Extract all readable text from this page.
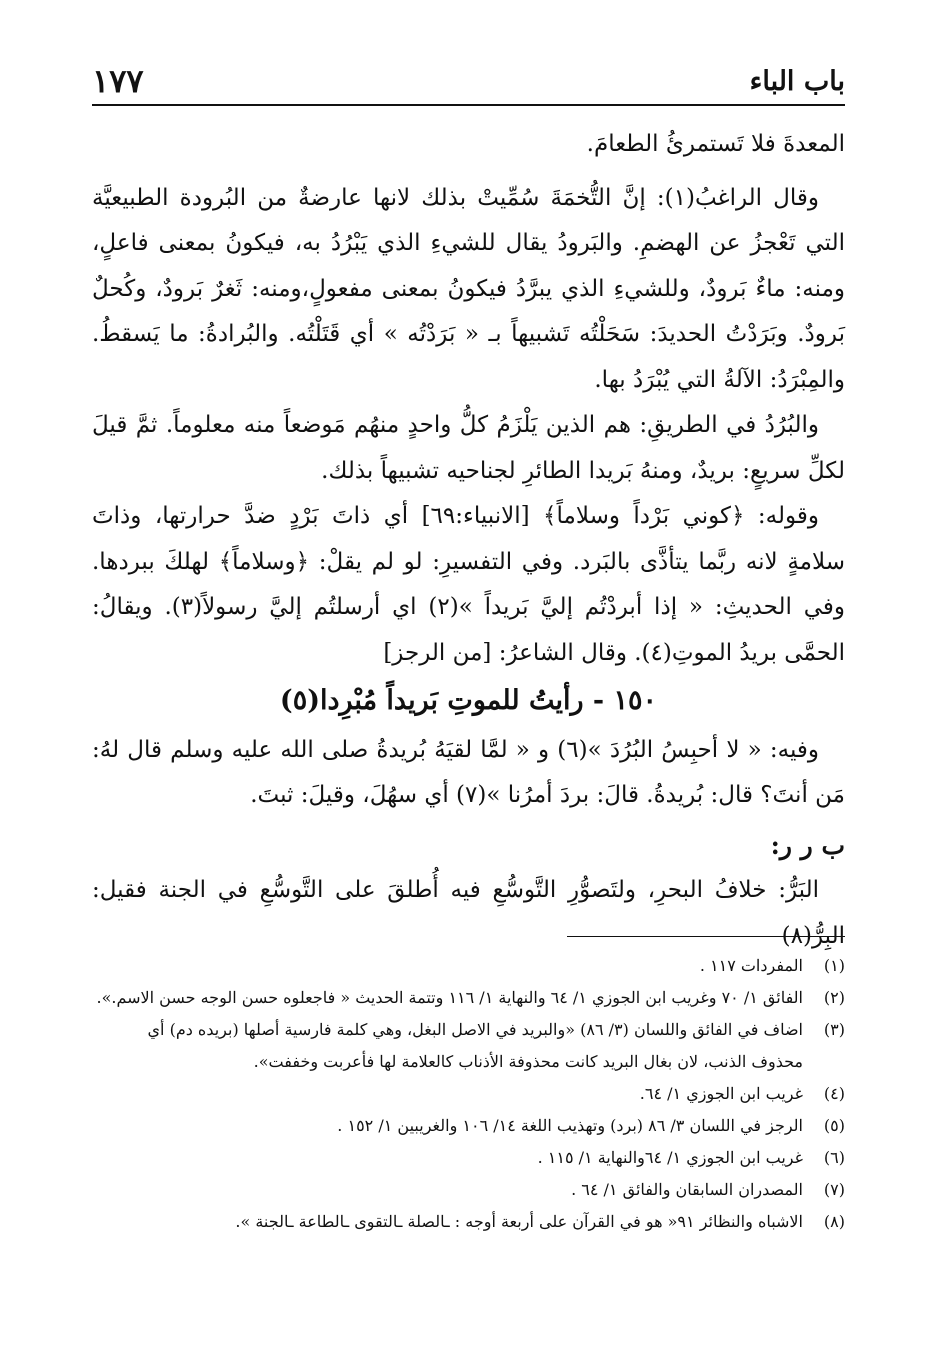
باب الباء
١٧٧

المعدةَ فلا تَستمرئُ الطعامَ.

وقال الراغبُ(١): إنَّ التُّخمَةَ سُمِّيتْ بذلك لانها عارضةٌ من البُرودة الطبيعيَّة التي تَعْجزُ عن الهضمِ. والبَرودُ يقال للشيءِ الذي يَبْرُدُ به، فيكونُ بمعنى فاعلٍ، ومنه: ماءٌ بَرودٌ، وللشيءِ الذي يبرَّدُ فيكونُ بمعنى مفعولٍ،ومنه: ثَغرٌ بَرودٌ، وكُحلٌ بَرودٌ. وبَرَدْتُ الحديدَ: سَحَلْتُه تَشبيهاً بـ « بَرَدْتُه » أي قَتَلْتُه. والبُرادةُ: ما يَسقطُ. والمِبْرَدُ: الآلةُ التي يُبْرَدُ بها.

والبُرُدُ في الطريقِ: هم الذين يَلْزَمُ كلُّ واحدٍ منهُم مَوضعاً منه معلوماً. ثمَّ قيلَ لكلِّ سريعٍ: بريدٌ، ومنهُ بَريدا الطائرِ لجناحيه تشبيهاً بذلك.

وقوله: ﴿كوني بَرْداً وسلاماً﴾ [الانبياء:٦٩] أي ذاتَ بَرْدٍ ضدَّ حرارتها، وذاتَ سلامةٍ لانه ربَّما يتأذَّى بالبَرد. وفي التفسيرِ: لو لم يقلْ: ﴿وسلاماً﴾ لهلكَ ببردها. وفي الحديثِ: « إذا أبردْتُم إليَّ بَريداً »(٢) اي أرسلتُم إليَّ رسولاً(٣). ويقالُ: الحمَّى بريدُ الموتِ(٤). وقال الشاعرُ: [من الرجز]

١٥٠ - رأيتُ للموتِ بَريداً مُبْرِدا(٥)

وفيه: « لا أحبِسُ البُرُدَ »(٦) و « لمَّا لقيَهُ بُريدةُ صلى الله عليه وسلم قال لهُ: مَن أنتَ؟ قال: بُريدةُ. قالَ: بردَ أمرُنا »(٧) أي سهُلَ، وقيلَ: ثبتَ.

ب ر ر:

البَرُّ: خلافُ البحرِ، ولتَصوُّرِ التَّوسُّعِ فيه أُطلقَ على التَّوسُّعِ في الجنة فقيل: البِرُّ(٨)

(١)
المفردات ١١٧ .
(٢)
الفائق ١/ ٧٠ وغريب ابن الجوزي ١/ ٦٤ والنهاية ١/ ١١٦ وتتمة الحديث « فاجعلوه حسن الوجه حسن الاسم.».
(٣)
اضاف في الفائق واللسان (٣/ ٨٦) «والبريد في الاصل البغل، وهي كلمة فارسية أصلها (بريده دم) أي محذوف الذنب، لان بغال البريد كانت محذوفة الأذناب كالعلامة لها فأعربت وخففت».
(٤)
غريب ابن الجوزي ١/ ٦٤.
(٥)
الرجز في اللسان ٣/ ٨٦ (برد) وتهذيب اللغة ١٤/ ١٠٦ والغريبين ١/ ١٥٢ .
(٦)
غريب ابن الجوزي ١/ ٦٤والنهاية ١/ ١١٥ .
(٧)
المصدران السابقان والفائق ١/ ٦٤ .
(٨)
الاشباه والنظائر ٩١« هو في القرآن على أربعة أوجه : ـالصلة ـالتقوى ـالطاعة ـالجنة ».
